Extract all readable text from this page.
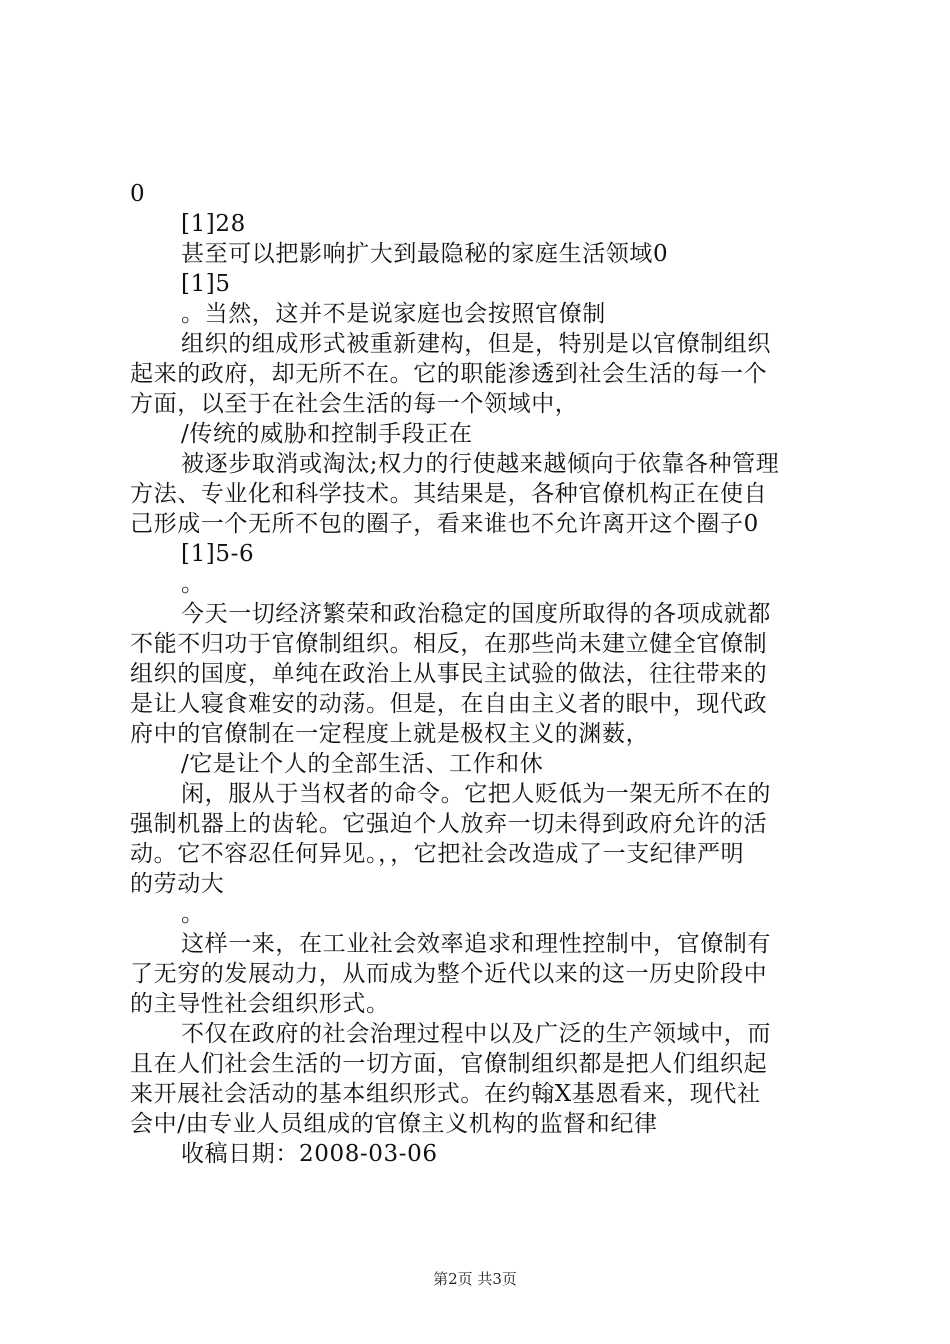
0
[1]28
甚至可以把影响扩大到最隐秘的家庭生活领域0
[1]5
。当然，这并不是说家庭也会按照官僚制
组织的组成形式被重新建构，但是，特别是以官僚制组织
起来的政府，却无所不在。它的职能渗透到社会生活的每一个
方面，以至于在社会生活的每一个领域中，
/传统的威胁和控制手段正在
被逐步取消或淘汰;权力的行使越来越倾向于依靠各种管理
方法、专业化和科学技术。其结果是，各种官僚机构正在使自
己形成一个无所不包的圈子，看来谁也不允许离开这个圈子0
[1]5-6
。
今天一切经济繁荣和政治稳定的国度所取得的各项成就都
不能不归功于官僚制组织。相反，在那些尚未建立健全官僚制
组织的国度，单纯在政治上从事民主试验的做法，往往带来的
是让人寝食难安的动荡。但是，在自由主义者的眼中，现代政
府中的官僚制在一定程度上就是极权主义的渊薮，
/它是让个人的全部生活、工作和休
闲，服从于当权者的命令。它把人贬低为一架无所不在的
强制机器上的齿轮。它强迫个人放弃一切未得到政府允许的活
动。它不容忍任何异见。，，它把社会改造成了一支纪律严明
的劳动大
。
这样一来，在工业社会效率追求和理性控制中，官僚制有
了无穷的发展动力，从而成为整个近代以来的这一历史阶段中
的主导性社会组织形式。
不仅在政府的社会治理过程中以及广泛的生产领域中，而
且在人们社会生活的一切方面，官僚制组织都是把人们组织起
来开展社会活动的基本组织形式。在约翰X基恩看来，现代社
会中/由专业人员组成的官僚主义机构的监督和纪律
收稿日期：2008-03-06
第2页 共3页
